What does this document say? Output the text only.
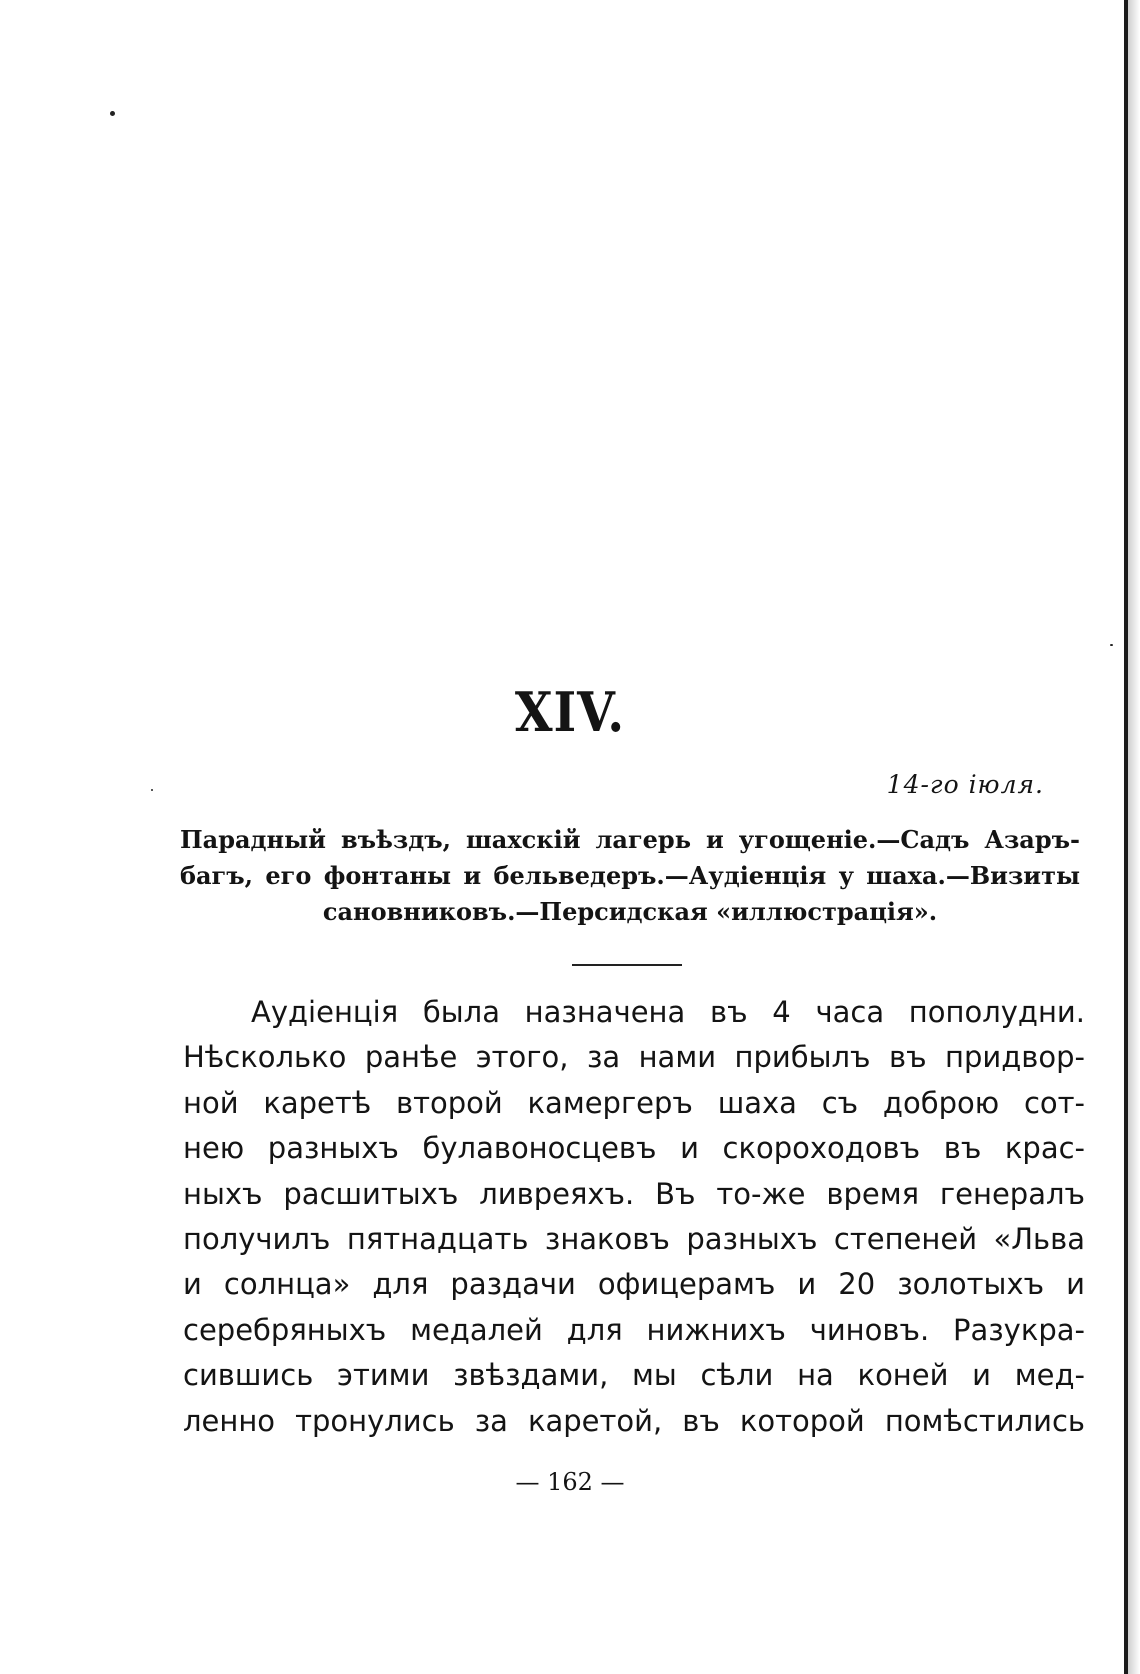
XIV.
14-го іюля.
Парадный въѣздъ, шахскій лагерь и угощеніе.—Садъ Азаръ-
багъ, его фонтаны и бельведеръ.—Аудіенція у шаха.—Визиты
сановниковъ.—Персидская «иллюстрація».
Аудіенція была назначена въ 4 часа пополудни.
Нѣсколько ранѣе этого, за нами прибылъ въ придвор-
ной каретѣ второй камергеръ шаха съ доброю сот-
нею разныхъ булавоносцевъ и скороходовъ въ крас-
ныхъ расшитыхъ ливреяхъ. Въ то-же время генералъ
получилъ пятнадцать знаковъ разныхъ степеней «Льва
и солнца» для раздачи офицерамъ и 20 золотыхъ и
серебряныхъ медалей для нижнихъ чиновъ. Разукра-
сившись этими звѣздами, мы сѣли на коней и мед-
ленно тронулись за каретой, въ которой помѣстились
— 162 —
